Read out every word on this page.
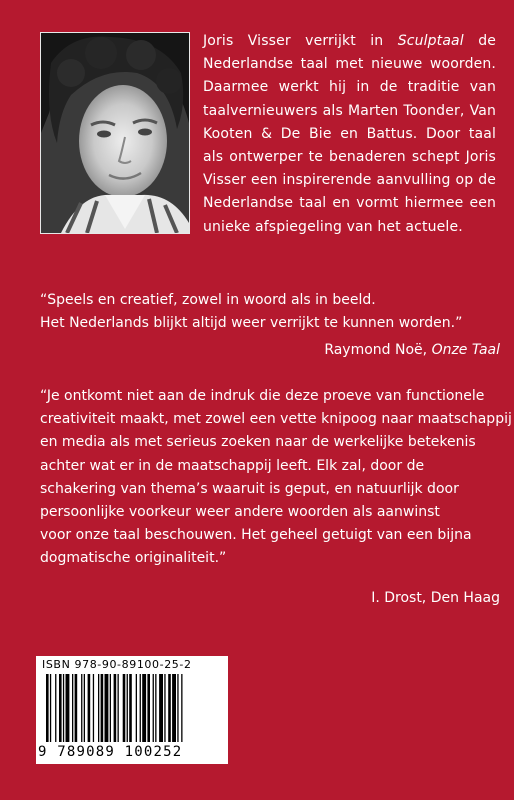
Joris Visser verrijkt in Sculptaal de
Nederlandse taal met nieuwe woorden.
Daarmee werkt hij in de traditie van
taalvernieuwers als Marten Toonder, Van
Kooten & De Bie en Battus. Door taal
als ontwerper te benaderen schept Joris
Visser een inspirerende aanvulling op de
Nederlandse taal en vormt hiermee een
unieke afspiegeling van het actuele.
“Speels en creatief, zowel in woord als in beeld.
Het Nederlands blijkt altijd weer verrijkt te kunnen worden.”
Raymond Noë, Onze Taal
“Je ontkomt niet aan de indruk die deze proeve van functionele
creativiteit maakt, met zowel een vette knipoog naar maatschappij
en media als met serieus zoeken naar de werkelijke betekenis
achter wat er in de maatschappij leeft. Elk zal, door de
schakering van thema’s waaruit is geput, en natuurlijk door
persoonlijke voorkeur weer andere woorden als aanwinst
voor onze taal beschouwen. Het geheel getuigt van een bijna
dogmatische originaliteit.”
I. Drost, Den Haag
ISBN 978-90-89100-25-2
9 789089 100252
